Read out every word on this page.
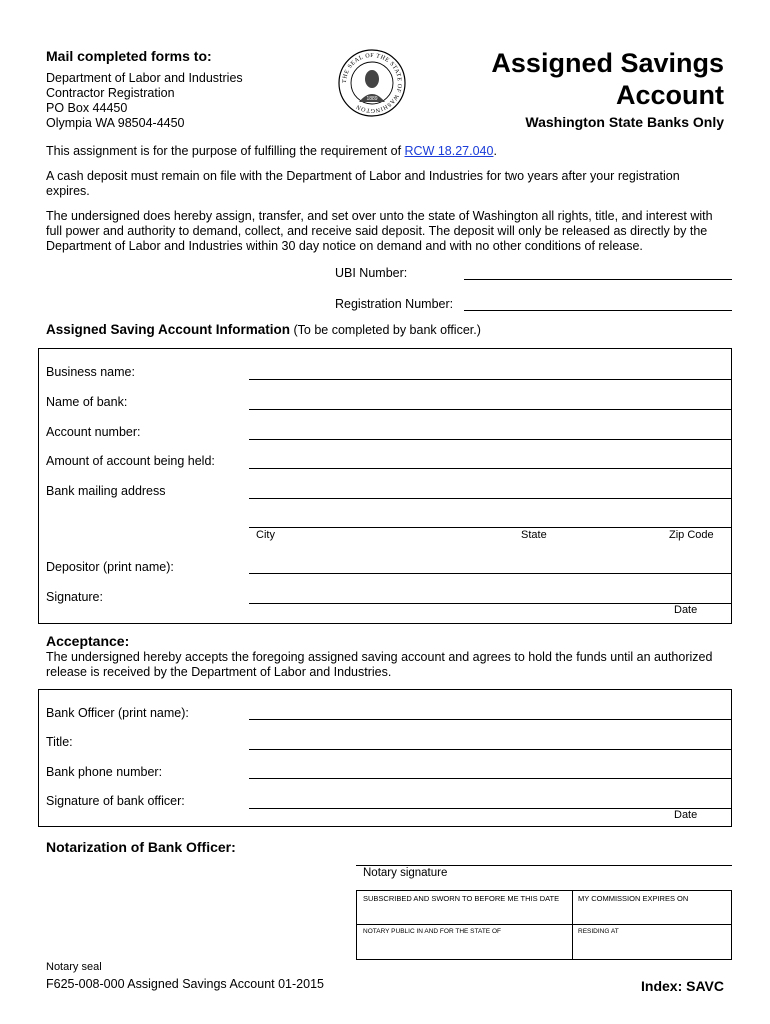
Mail completed forms to:
Department of Labor and Industries
Contractor Registration
PO Box 44450
Olympia WA 98504-4450
THE SEAL OF THE STATE OF WASHINGTON
1889
Assigned Savings
Account
Washington State Banks Only
This assignment is for the purpose of fulfilling the requirement of RCW 18.27.040.
A cash deposit must remain on file with the Department of Labor and Industries for two years after your registration expires.
The undersigned does hereby assign, transfer, and set over unto the state of Washington all rights, title, and interest with full power and authority to demand, collect, and receive said deposit. The deposit will only be released as directly by the Department of Labor and Industries within 30 day notice on demand and with no other conditions of release.
UBI Number:
Registration Number:
Assigned Saving Account Information (To be completed by bank officer.)
Business name:
Name of bank:
Account number:
Amount of account being held:
Bank mailing address
City	State	Zip Code
Depositor (print name):
Signature:
Date
Acceptance:
The undersigned hereby accepts the foregoing assigned saving account and agrees to hold the funds until an authorized release is received by the Department of Labor and Industries.
Bank Officer (print name):
Title:
Bank phone number:
Signature of bank officer:
Date
Notarization of Bank Officer:
Notary signature
SUBSCRIBED AND SWORN TO BEFORE ME THIS DATE	MY COMMISSION EXPIRES ON
NOTARY PUBLIC IN AND FOR THE STATE OF	RESIDING AT
Notary seal
F625-008-000 Assigned Savings Account 01-2015	Index: SAVC
